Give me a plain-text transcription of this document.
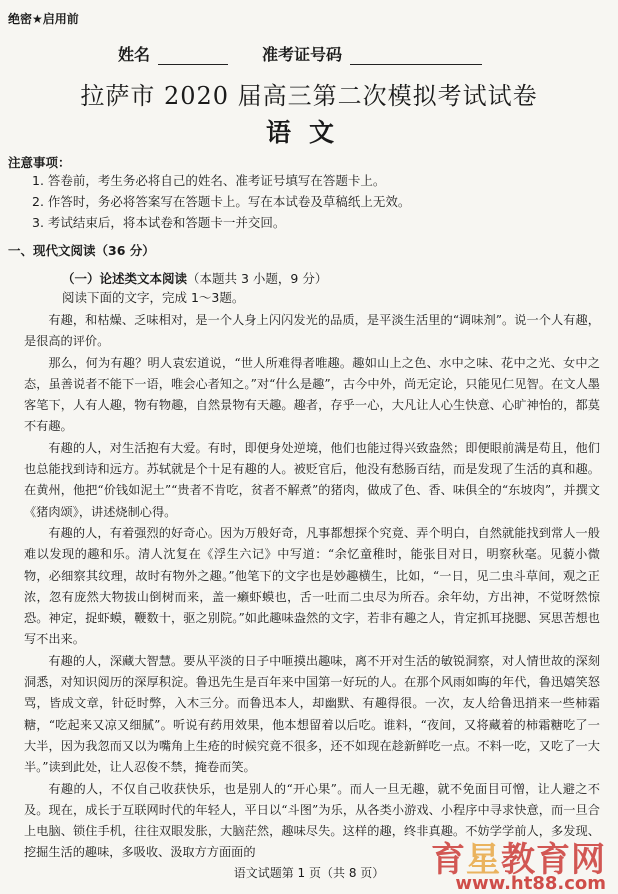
绝密★启用前
姓名	准考证号码
拉萨市 2020 届高三第二次模拟考试试卷
语文
注意事项：
1. 答卷前，考生务必将自己的姓名、准考证号填写在答题卡上。
2. 作答时，务必将答案写在答题卡上。写在本试卷及草稿纸上无效。
3. 考试结束后，将本试卷和答题卡一并交回。
一、现代文阅读（36 分）
（一）论述类文本阅读（本题共 3 小题，9 分）
阅读下面的文字，完成 1～3题。

有趣，和枯燥、乏味相对，是一个人身上闪闪发光的品质，是平淡生活里的“调味剂”。说一个人有趣，是很高的评价。

那么，何为有趣？明人袁宏道说，“世人所难得者唯趣。趣如山上之色、水中之味、花中之光、女中之态，虽善说者不能下一语，唯会心者知之。”对“什么是趣”，古今中外，尚无定论，只能见仁见智。在文人墨客笔下，人有人趣，物有物趣，自然景物有天趣。趣者，存乎一心，大凡让人心生快意、心旷神怡的，都莫不有趣。

有趣的人，对生活抱有大爱。有时，即便身处逆境，他们也能过得兴致盎然；即便眼前满是苟且，他们也总能找到诗和远方。苏轼就是个十足有趣的人。被贬官后，他没有愁肠百结，而是发现了生活的真和趣。在黄州，他把“价钱如泥土”“贵者不肯吃，贫者不解煮”的猪肉，做成了色、香、味俱全的“东坡肉”，并撰文《猪肉颂》，讲述烧制心得。

有趣的人，有着强烈的好奇心。因为万般好奇，凡事都想探个究竟、弄个明白，自然就能找到常人一般难以发现的趣和乐。清人沈复在《浮生六记》中写道：“余忆童稚时，能张目对日，明察秋毫。见藐小微物，必细察其纹理，故时有物外之趣。”他笔下的文字也是妙趣横生，比如，“一日，见二虫斗草间，观之正浓，忽有庞然大物拔山倒树而来，盖一癞虾蟆也，舌一吐而二虫尽为所吞。余年幼，方出神，不觉呀然惊恐。神定，捉虾蟆，鞭数十，驱之别院。”如此趣味盎然的文字，若非有趣之人，肯定抓耳挠腮、冥思苦想也写不出来。

有趣的人，深藏大智慧。要从平淡的日子中咂摸出趣味，离不开对生活的敏锐洞察，对人情世故的深刻洞悉，对知识阅历的深厚积淀。鲁迅先生是百年来中国第一好玩的人。在那个风雨如晦的年代，鲁迅嬉笑怒骂，皆成文章，针砭时弊，入木三分。而鲁迅本人，却幽默、有趣得很。一次，友人给鲁迅捎来一些柿霜糖，“吃起来又凉又细腻”。听说有药用效果，他本想留着以后吃。谁料，“夜间，又将藏着的柿霜糖吃了一大半，因为我忽而又以为嘴角上生疮的时候究竟不很多，还不如现在趁新鲜吃一点。不料一吃，又吃了一大半。”读到此处，让人忍俊不禁，掩卷而笑。

有趣的人，不仅自己收获快乐，也是别人的“开心果”。而人一旦无趣，就不免面目可憎，让人避之不及。现在，成长于互联网时代的年轻人，平日以“斗图”为乐，从各类小游戏、小程序中寻求快意，而一旦合上电脑、锁住手机，往往双眼发胀，大脑茫然，趣味尽失。这样的趣，终非真趣。不妨学学前人，多发现、挖掘生活的趣味，多吸收、汲取方方面面的

语文试题第 1 页（共 8 页）	育星教育网
www.ht88.com
